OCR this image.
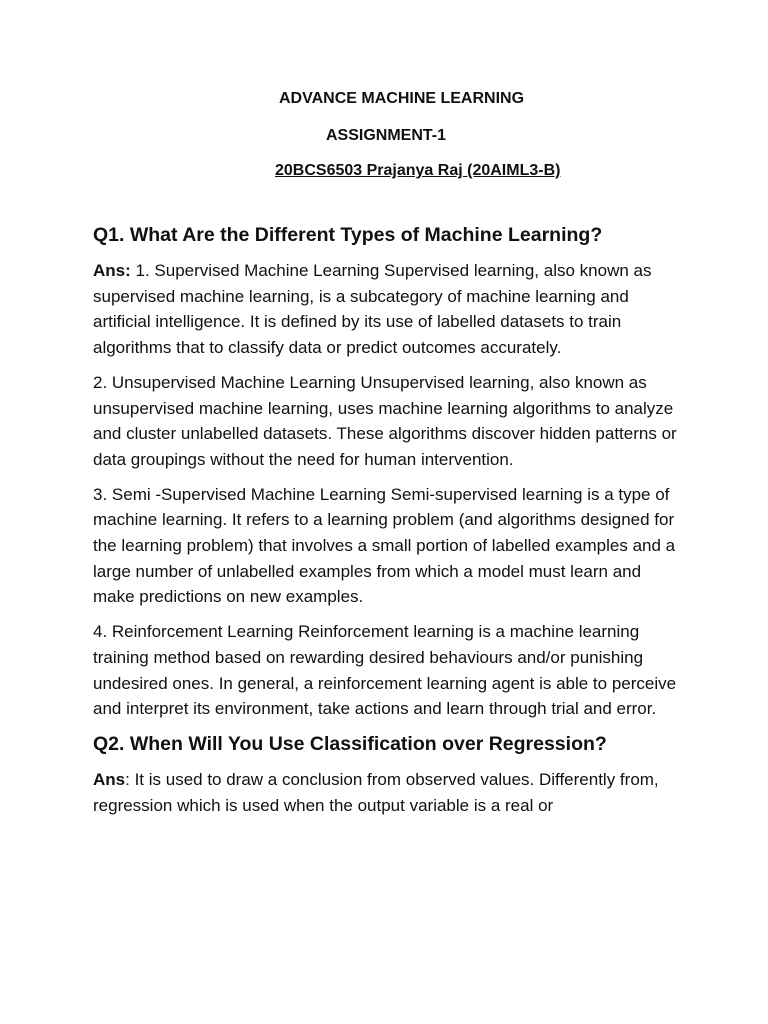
ADVANCE MACHINE LEARNING
ASSIGNMENT-1
20BCS6503 Prajanya Raj (20AIML3-B)
Q1. What Are the Different Types of Machine Learning?

Ans: 1. Supervised Machine Learning Supervised learning, also known as supervised machine learning, is a subcategory of machine learning and artificial intelligence. It is defined by its use of labelled datasets to train algorithms that to classify data or predict outcomes accurately.

2. Unsupervised Machine Learning Unsupervised learning, also known as unsupervised machine learning, uses machine learning algorithms to analyze and cluster unlabelled datasets. These algorithms discover hidden patterns or data groupings without the need for human intervention.

3. Semi -Supervised Machine Learning Semi-supervised learning is a type of machine learning. It refers to a learning problem (and algorithms designed for the learning problem) that involves a small portion of labelled examples and a large number of unlabelled examples from which a model must learn and make predictions on new examples.

4. Reinforcement Learning Reinforcement learning is a machine learning training method based on rewarding desired behaviours and/or punishing undesired ones. In general, a reinforcement learning agent is able to perceive and interpret its environment, take actions and learn through trial and error.

Q2. When Will You Use Classification over Regression?

Ans: It is used to draw a conclusion from observed values. Differently from, regression which is used when the output variable is a real or
